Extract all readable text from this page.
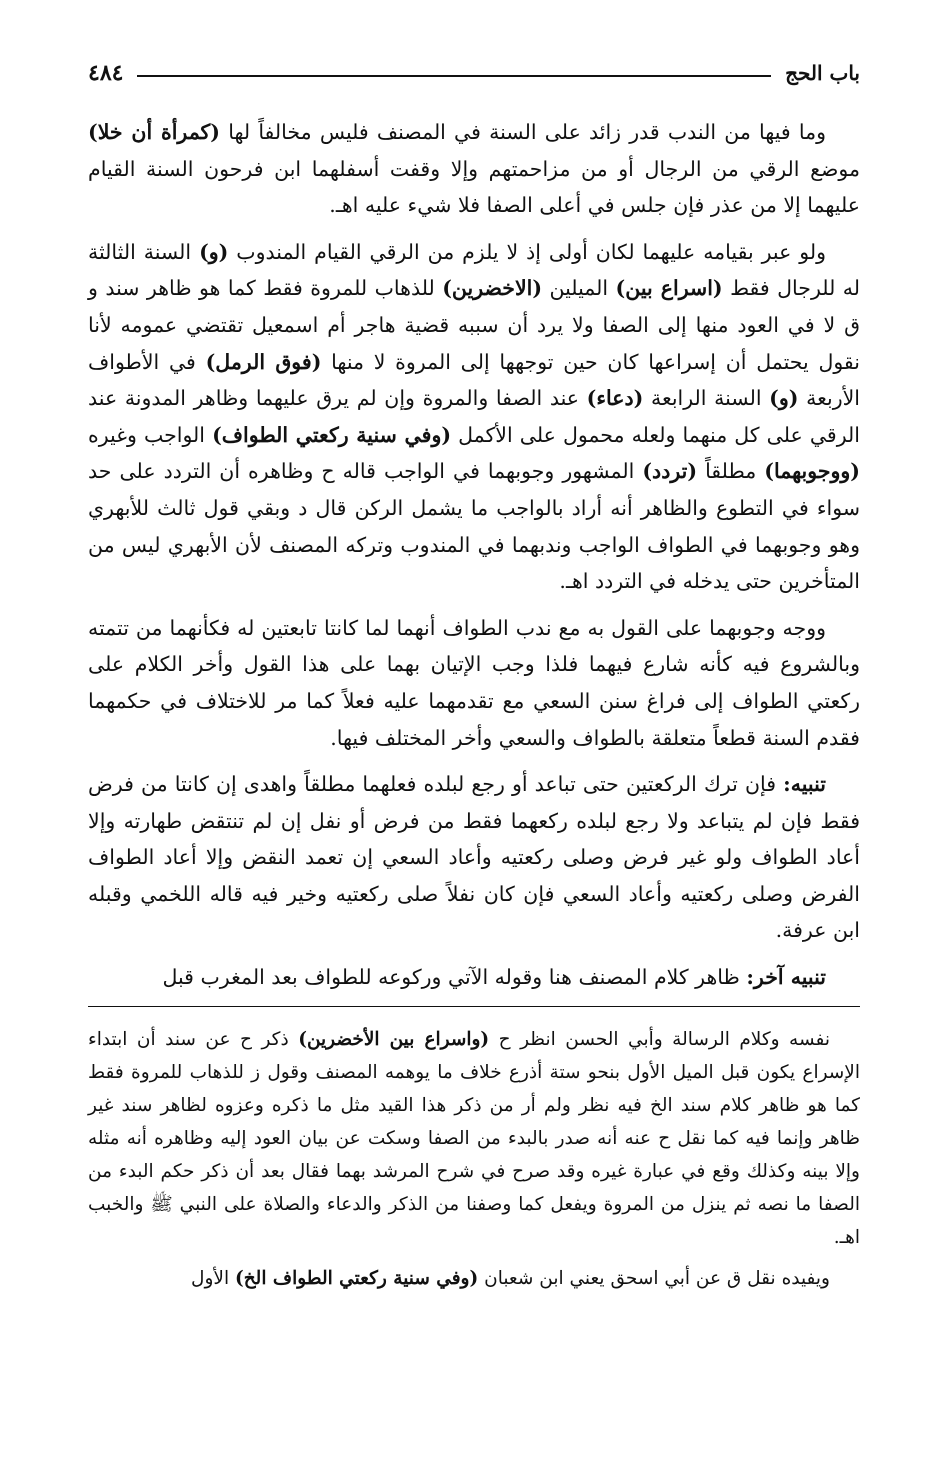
باب الحج
٤٨٤

وما فيها من الندب قدر زائد على السنة في المصنف فليس مخالفاً لها (كمرأة أن خلا) موضع الرقي من الرجال أو من مزاحمتهم وإلا وقفت أسفلهما ابن فرحون السنة القيام عليهما إلا من عذر فإن جلس في أعلى الصفا فلا شيء عليه اهـ.

ولو عبر بقيامه عليهما لكان أولى إذ لا يلزم من الرقي القيام المندوب (و) السنة الثالثة له للرجال فقط (اسراع بين) الميلين (الاخضرين) للذهاب للمروة فقط كما هو ظاهر سند و ق لا في العود منها إلى الصفا ولا يرد أن سببه قضية هاجر أم اسمعيل تقتضي عمومه لأنا نقول يحتمل أن إسراعها كان حين توجهها إلى المروة لا منها (فوق الرمل) في الأطواف الأربعة (و) السنة الرابعة (دعاء) عند الصفا والمروة وإن لم يرق عليهما وظاهر المدونة عند الرقي على كل منهما ولعله محمول على الأكمل (وفي سنية ركعتي الطواف) الواجب وغيره (ووجوبهما) مطلقاً (تردد) المشهور وجوبهما في الواجب قاله ح وظاهره أن التردد على حد سواء في التطوع والظاهر أنه أراد بالواجب ما يشمل الركن قال د وبقي قول ثالث للأبهري وهو وجوبهما في الطواف الواجب وندبهما في المندوب وتركه المصنف لأن الأبهري ليس من المتأخرين حتى يدخله في التردد اهـ.

ووجه وجوبهما على القول به مع ندب الطواف أنهما لما كانتا تابعتين له فكأنهما من تتمته وبالشروع فيه كأنه شارع فيهما فلذا وجب الإتيان بهما على هذا القول وأخر الكلام على ركعتي الطواف إلى فراغ سنن السعي مع تقدمهما عليه فعلاً كما مر للاختلاف في حكمهما فقدم السنة قطعاً متعلقة بالطواف والسعي وأخر المختلف فيها.

تنبيه: فإن ترك الركعتين حتى تباعد أو رجع لبلده فعلهما مطلقاً واهدى إن كانتا من فرض فقط فإن لم يتباعد ولا رجع لبلده ركعهما فقط من فرض أو نفل إن لم تنتقض طهارته وإلا أعاد الطواف ولو غير فرض وصلى ركعتيه وأعاد السعي إن تعمد النقض وإلا أعاد الطواف الفرض وصلى ركعتيه وأعاد السعي فإن كان نفلاً صلى ركعتيه وخير فيه قاله اللخمي وقبله ابن عرفة.

تنبيه آخر: ظاهر كلام المصنف هنا وقوله الآتي وركوعه للطواف بعد المغرب قبل

نفسه وكلام الرسالة وأبي الحسن انظر ح (واسراع بين الأخضرين) ذكر ح عن سند أن ابتداء الإسراع يكون قبل الميل الأول بنحو ستة أذرع خلاف ما يوهمه المصنف وقول ز للذهاب للمروة فقط كما هو ظاهر كلام سند الخ فيه نظر ولم أر من ذكر هذا القيد مثل ما ذكره وعزوه لظاهر سند غير ظاهر وإنما فيه كما نقل ح عنه أنه صدر بالبدء من الصفا وسكت عن بيان العود إليه وظاهره أنه مثله وإلا بينه وكذلك وقع في عبارة غيره وقد صرح في شرح المرشد بهما فقال بعد أن ذكر حكم البدء من الصفا ما نصه ثم ينزل من المروة ويفعل كما وصفنا من الذكر والدعاء والصلاة على النبي ﷺ والخبب اهـ.

ويفيده نقل ق عن أبي اسحق يعني ابن شعبان (وفي سنية ركعتي الطواف الخ) الأول
